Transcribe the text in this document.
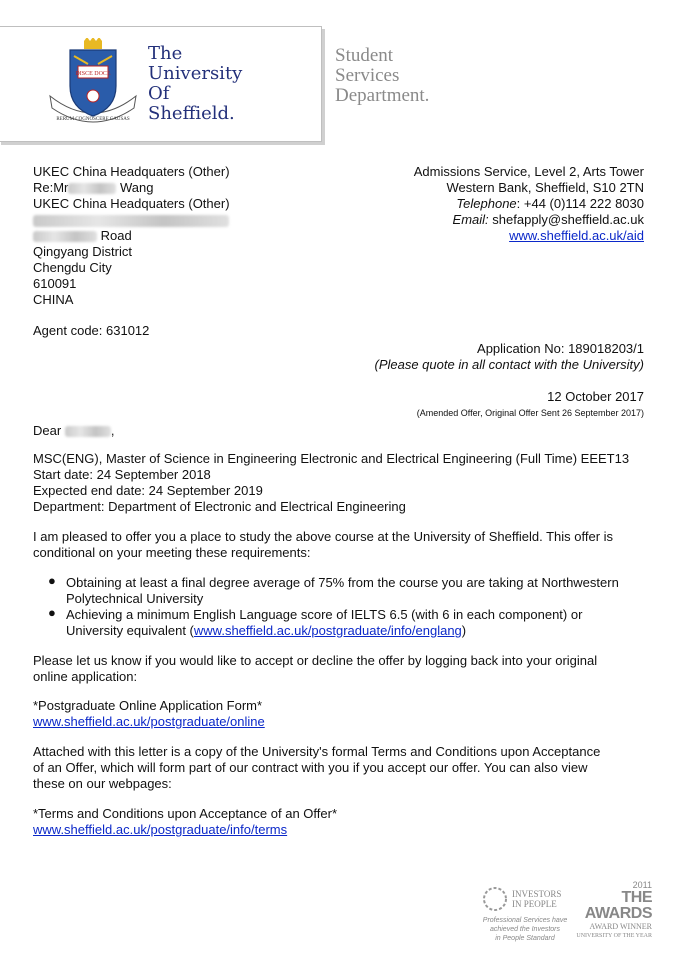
DISCE DOCE
RERUM COGNOSCERE CAUSAS
The
University
Of
Sheffield.
Student
Services
Department.
UKEC China Headquaters (Other)
Re:Mr	Wang
UKEC China Headquaters (Other)
Road
Qingyang District
Chengdu City
610091
CHINA
Admissions Service, Level 2, Arts Tower
Western Bank, Sheffield, S10 2TN
Telephone: +44 (0)114 222 8030
Email: shefapply@sheffield.ac.uk
www.sheffield.ac.uk/aid
Agent code: 631012
Application No: 189018203/1
(Please quote in all contact with the University)
12 October 2017
(Amended Offer, Original Offer Sent 26 September 2017)
Dear	,
MSC(ENG), Master of Science in Engineering Electronic and Electrical Engineering (Full Time) EEET13
Start date: 24 September 2018
Expected end date: 24 September 2019
Department: Department of Electronic and Electrical Engineering
I am pleased to offer you a place to study the above course at the University of Sheffield. This offer is
conditional on your meeting these requirements:
● Obtaining at least a final degree average of 75% from the course you are taking at Northwestern
Polytechnical University
● Achieving a minimum English Language score of IELTS 6.5 (with 6 in each component) or
University equivalent (www.sheffield.ac.uk/postgraduate/info/englang)
Please let us know if you would like to accept or decline the offer by logging back into your original
online application:
*Postgraduate Online Application Form*
www.sheffield.ac.uk/postgraduate/online
Attached with this letter is a copy of the University's formal Terms and Conditions upon Acceptance
of an Offer, which will form part of our contract with you if you accept our offer. You can also view
these on our webpages:
*Terms and Conditions upon Acceptance of an Offer*
www.sheffield.ac.uk/postgraduate/info/terms
INVESTORS
IN PEOPLE
Professional Services have
achieved the Investors
in People Standard
2011
THE AWARDS
AWARD WINNER
UNIVERSITY OF THE YEAR
